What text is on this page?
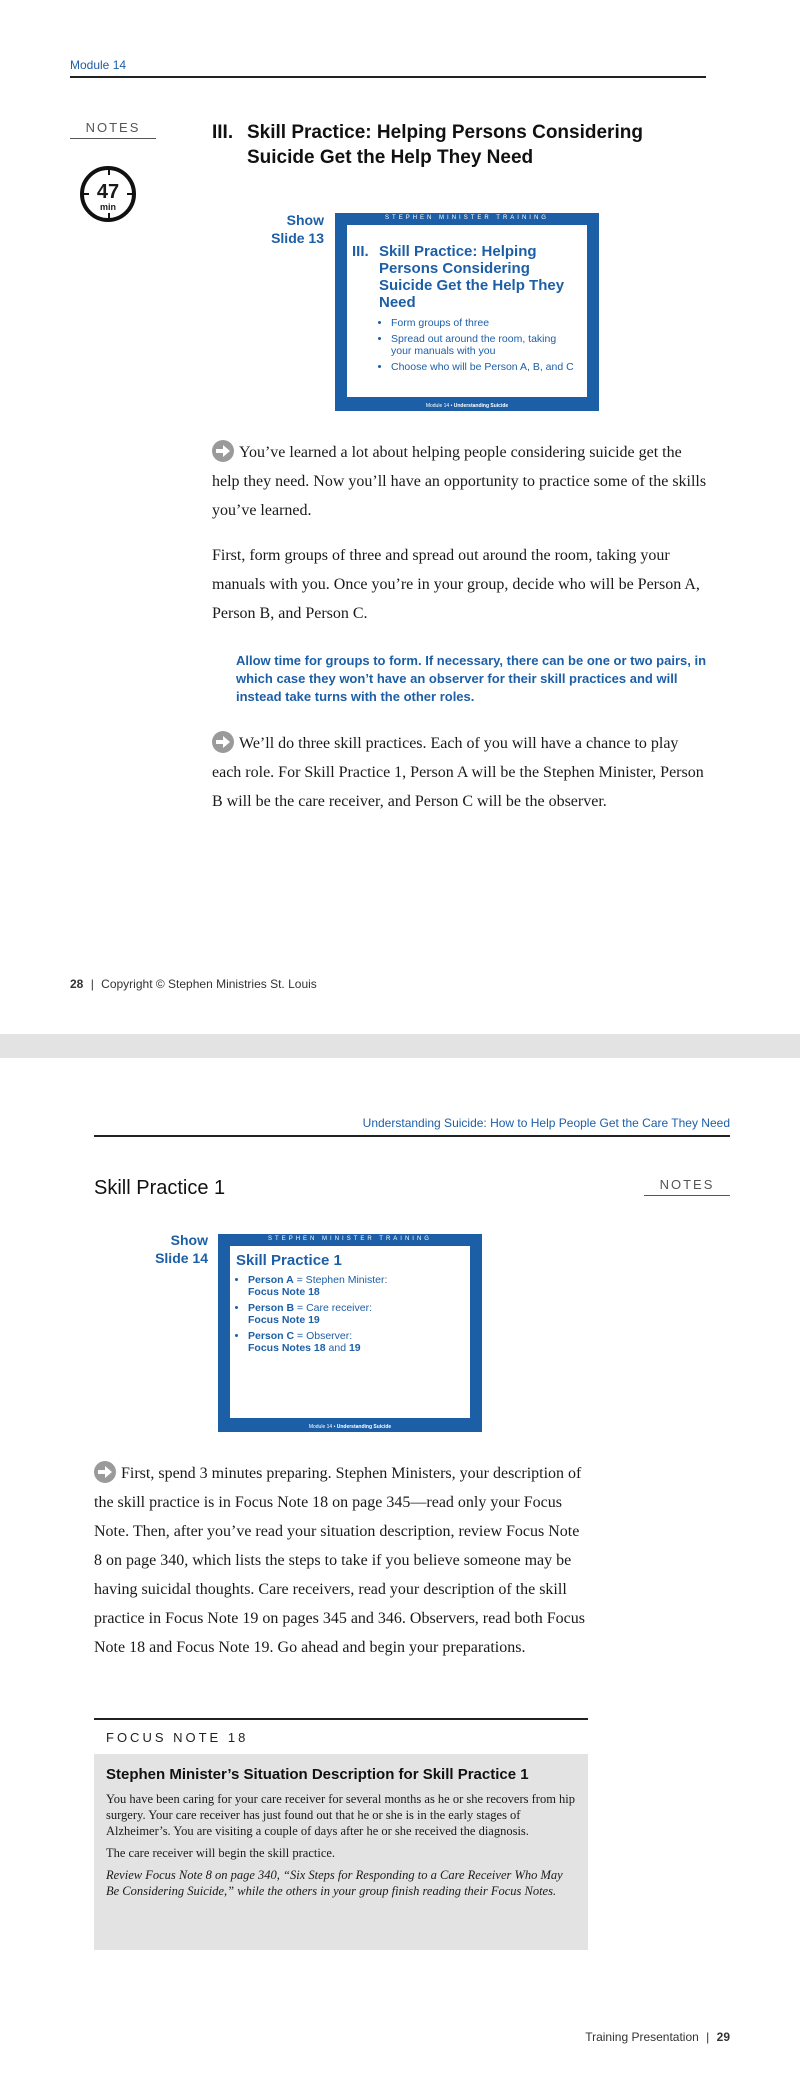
Module 14
NOTES
47
min
III. Skill Practice: Helping Persons Considering Suicide Get the Help They Need
Show
Slide 13
STEPHEN MINISTER TRAINING
III. Skill Practice: Helping Persons Considering Suicide Get the Help They Need
• Form groups of three
• Spread out around the room, taking your manuals with you
• Choose who will be Person A, B, and C
Module 14 • Understanding Suicide
You’ve learned a lot about helping people considering suicide get the help they need. Now you’ll have an opportunity to practice some of the skills you’ve learned.
First, form groups of three and spread out around the room, taking your manuals with you. Once you’re in your group, decide who will be Person A, Person B, and Person C.
Allow time for groups to form. If necessary, there can be one or two pairs, in which case they won’t have an observer for their skill practices and will instead take turns with the other roles.
We’ll do three skill practices. Each of you will have a chance to play each role. For Skill Practice 1, Person A will be the Stephen Minister, Person B will be the care receiver, and Person C will be the observer.
28 | Copyright © Stephen Ministries St. Louis
Understanding Suicide: How to Help People Get the Care They Need
Skill Practice 1	NOTES
Show
Slide 14
STEPHEN MINISTER TRAINING
Skill Practice 1
• Person A = Stephen Minister:
Focus Note 18
• Person B = Care receiver:
Focus Note 19
• Person C = Observer:
Focus Notes 18 and 19
Module 14 • Understanding Suicide
First, spend 3 minutes preparing. Stephen Ministers, your description of the skill practice is in Focus Note 18 on page 345—read only your Focus Note. Then, after you’ve read your situation description, review Focus Note 8 on page 340, which lists the steps to take if you believe someone may be having suicidal thoughts. Care receivers, read your description of the skill practice in Focus Note 19 on pages 345 and 346. Observers, read both Focus Note 18 and Focus Note 19. Go ahead and begin your preparations.
FOCUS NOTE 18
Stephen Minister’s Situation Description for Skill Practice 1

You have been caring for your care receiver for several months as he or she recovers from hip surgery. Your care receiver has just found out that he or she is in the early stages of Alzheimer’s. You are visiting a couple of days after he or she received the diagnosis.

The care receiver will begin the skill practice.

Review Focus Note 8 on page 340, “Six Steps for Responding to a Care Receiver Who May Be Considering Suicide,” while the others in your group finish reading their Focus Notes.

Training Presentation | 29
